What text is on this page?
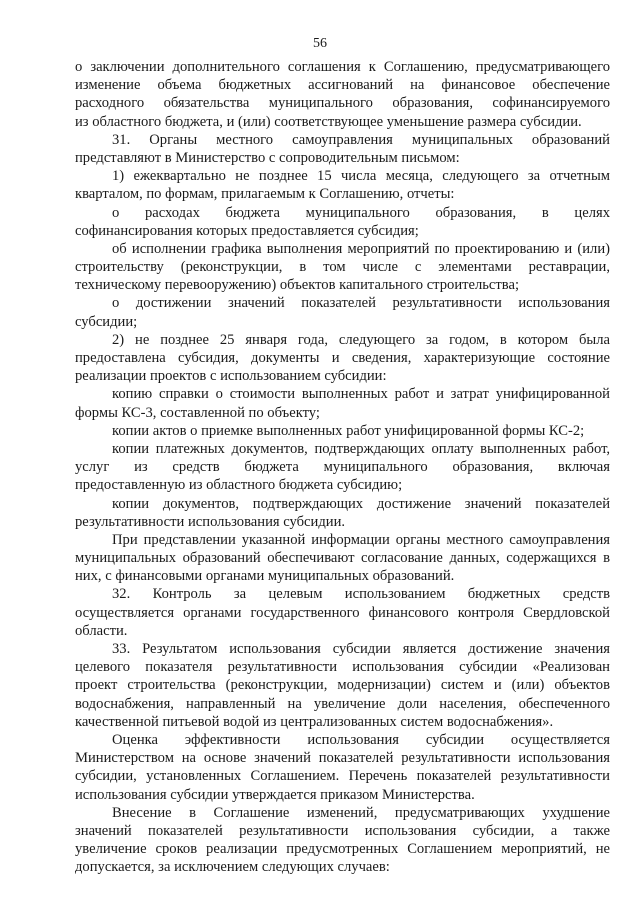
56
о заключении дополнительного соглашения к Соглашению, предусматривающего
изменение объема бюджетных ассигнований на финансовое обеспечение
расходного обязательства муниципального образования, софинансируемого
из областного бюджета, и (или) соответствующее уменьшение размера субсидии.
31. Органы местного самоуправления муниципальных образований
представляют в Министерство с сопроводительным письмом:
1) ежеквартально не позднее 15 числа месяца, следующего за отчетным
кварталом, по формам, прилагаемым к Соглашению, отчеты:
о расходах бюджета муниципального образования, в целях
софинансирования которых предоставляется субсидия;
об исполнении графика выполнения мероприятий по проектированию и (или)
строительству (реконструкции, в том числе с элементами реставрации,
техническому перевооружению) объектов капитального строительства;
о достижении значений показателей результативности использования
субсидии;
2) не позднее 25 января года, следующего за годом, в котором была
предоставлена субсидия, документы и сведения, характеризующие состояние
реализации проектов с использованием субсидии:
копию справки о стоимости выполненных работ и затрат унифицированной
формы КС-3, составленной по объекту;
копии актов о приемке выполненных работ унифицированной формы КС-2;
копии платежных документов, подтверждающих оплату выполненных работ,
услуг из средств бюджета муниципального образования, включая
предоставленную из областного бюджета субсидию;
копии документов, подтверждающих достижение значений показателей
результативности использования субсидии.
При представлении указанной информации органы местного самоуправления
муниципальных образований обеспечивают согласование данных, содержащихся в
них, с финансовыми органами муниципальных образований.
32. Контроль за целевым использованием бюджетных средств
осуществляется органами государственного финансового контроля Свердловской
области.
33. Результатом использования субсидии является достижение значения
целевого показателя результативности использования субсидии «Реализован
проект строительства (реконструкции, модернизации) систем и (или) объектов
водоснабжения, направленный на увеличение доли населения, обеспеченного
качественной питьевой водой из централизованных систем водоснабжения».
Оценка эффективности использования субсидии осуществляется
Министерством на основе значений показателей результативности использования
субсидии, установленных Соглашением. Перечень показателей результативности
использования субсидии утверждается приказом Министерства.
Внесение в Соглашение изменений, предусматривающих ухудшение
значений показателей результативности использования субсидии, а также
увеличение сроков реализации предусмотренных Соглашением мероприятий, не
допускается, за исключением следующих случаев:
